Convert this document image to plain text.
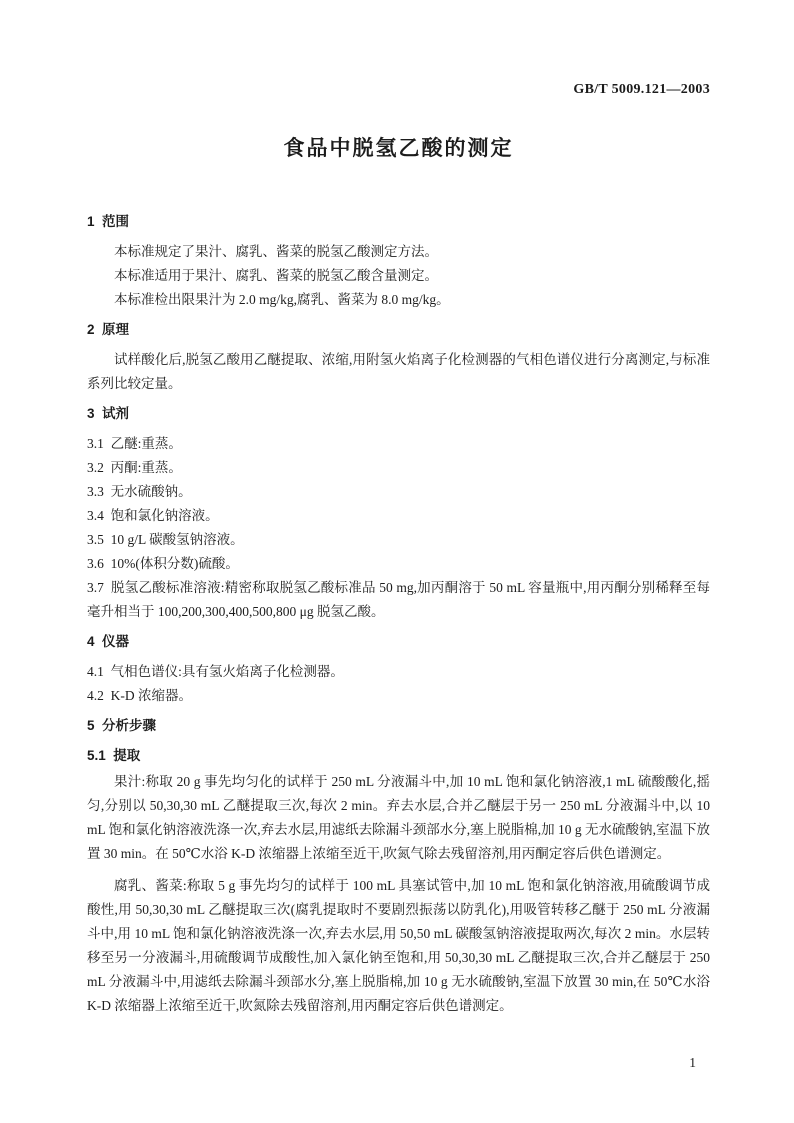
GB/T 5009.121—2003
食品中脱氢乙酸的测定
1  范围

本标准规定了果汁、腐乳、酱菜的脱氢乙酸测定方法。

本标准适用于果汁、腐乳、酱菜的脱氢乙酸含量测定。

本标准检出限果汁为 2.0 mg/kg,腐乳、酱菜为 8.0 mg/kg。

2  原理

试样酸化后,脱氢乙酸用乙醚提取、浓缩,用附氢火焰离子化检测器的气相色谱仪进行分离测定,与标准系列比较定量。

3  试剂

3.1  乙醚:重蒸。

3.2  丙酮:重蒸。

3.3  无水硫酸钠。

3.4  饱和氯化钠溶液。

3.5  10 g/L 碳酸氢钠溶液。

3.6  10%(体积分数)硫酸。

3.7  脱氢乙酸标准溶液:精密称取脱氢乙酸标准品 50 mg,加丙酮溶于 50 mL 容量瓶中,用丙酮分别稀释至每毫升相当于 100,200,300,400,500,800 μg 脱氢乙酸。

4  仪器

4.1  气相色谱仪:具有氢火焰离子化检测器。

4.2  K-D 浓缩器。

5  分析步骤
5.1  提取

果汁:称取 20 g 事先均匀化的试样于 250 mL 分液漏斗中,加 10 mL 饱和氯化钠溶液,1 mL 硫酸酸化,摇匀,分别以 50,30,30 mL 乙醚提取三次,每次 2 min。弃去水层,合并乙醚层于另一 250 mL 分液漏斗中,以 10 mL 饱和氯化钠溶液洗涤一次,弃去水层,用滤纸去除漏斗颈部水分,塞上脱脂棉,加 10 g 无水硫酸钠,室温下放置 30 min。在 50℃水浴 K-D 浓缩器上浓缩至近干,吹氮气除去残留溶剂,用丙酮定容后供色谱测定。

腐乳、酱菜:称取 5 g 事先均匀的试样于 100 mL 具塞试管中,加 10 mL 饱和氯化钠溶液,用硫酸调节成酸性,用 50,30,30 mL 乙醚提取三次(腐乳提取时不要剧烈振荡以防乳化),用吸管转移乙醚于 250 mL 分液漏斗中,用 10 mL 饱和氯化钠溶液洗涤一次,弃去水层,用 50,50 mL 碳酸氢钠溶液提取两次,每次 2 min。水层转移至另一分液漏斗,用硫酸调节成酸性,加入氯化钠至饱和,用 50,30,30 mL 乙醚提取三次,合并乙醚层于 250 mL 分液漏斗中,用滤纸去除漏斗颈部水分,塞上脱脂棉,加 10 g 无水硫酸钠,室温下放置 30 min,在 50℃水浴 K-D 浓缩器上浓缩至近干,吹氮除去残留溶剂,用丙酮定容后供色谱测定。

1
